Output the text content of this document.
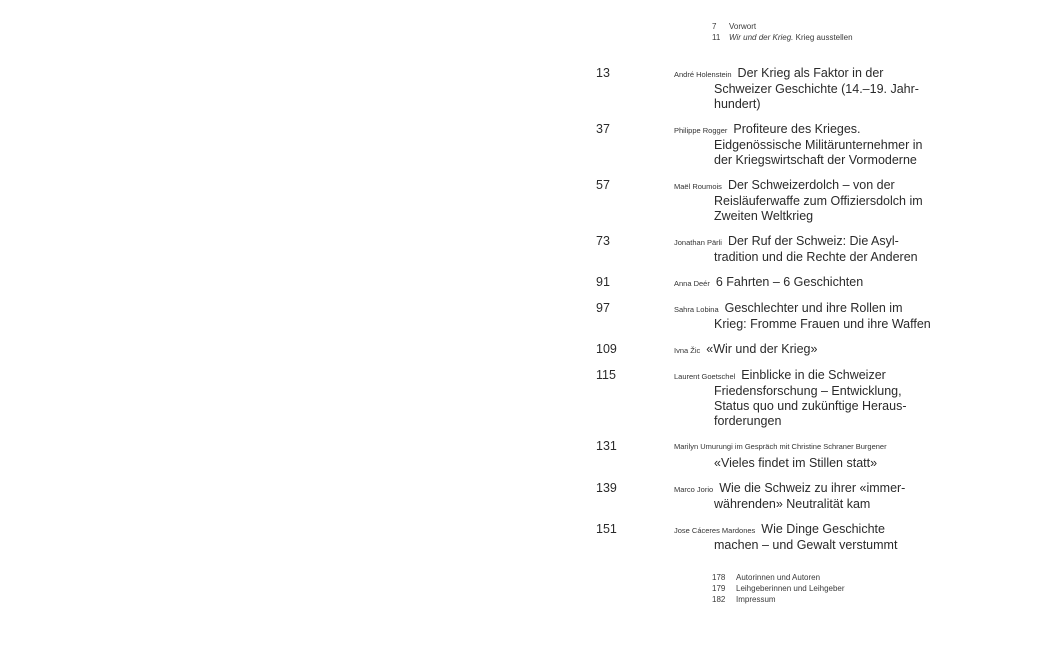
7	Vorwort
11	Wir und der Krieg. Krieg ausstellen
13	André Holenstein Der Krieg als Faktor in der
Schweizer Geschichte (14.–19. Jahr-
hundert)
37	Philippe Rogger Profiteure des Krieges.
Eidgenössische Militärunternehmer in
der Kriegswirtschaft der Vormoderne
57	Maël Roumois Der Schweizerdolch – von der
Reisläuferwaffe zum Offiziersdolch im
Zweiten Weltkrieg
73	Jonathan Pärli Der Ruf der Schweiz: Die Asyl-
tradition und die Rechte der Anderen
91	Anna Deér 6 Fahrten – 6 Geschichten
97	Sahra Lobina Geschlechter und ihre Rollen im
Krieg: Fromme Frauen und ihre Waffen
109	Ivna Žic «Wir und der Krieg»
115	Laurent Goetschel Einblicke in die Schweizer
Friedensforschung – Entwicklung,
Status quo und zukünftige Heraus-
forderungen
131	Marilyn Umurungi im Gespräch mit Christine Schraner Burgener
«Vieles findet im Stillen statt»
139	Marco Jorio Wie die Schweiz zu ihrer «immer-
währenden» Neutralität kam
151	Jose Cáceres Mardones Wie Dinge Geschichte
machen – und Gewalt verstummt
178	Autorinnen und Autoren
179	Leihgeberinnen und Leihgeber
182	Impressum
